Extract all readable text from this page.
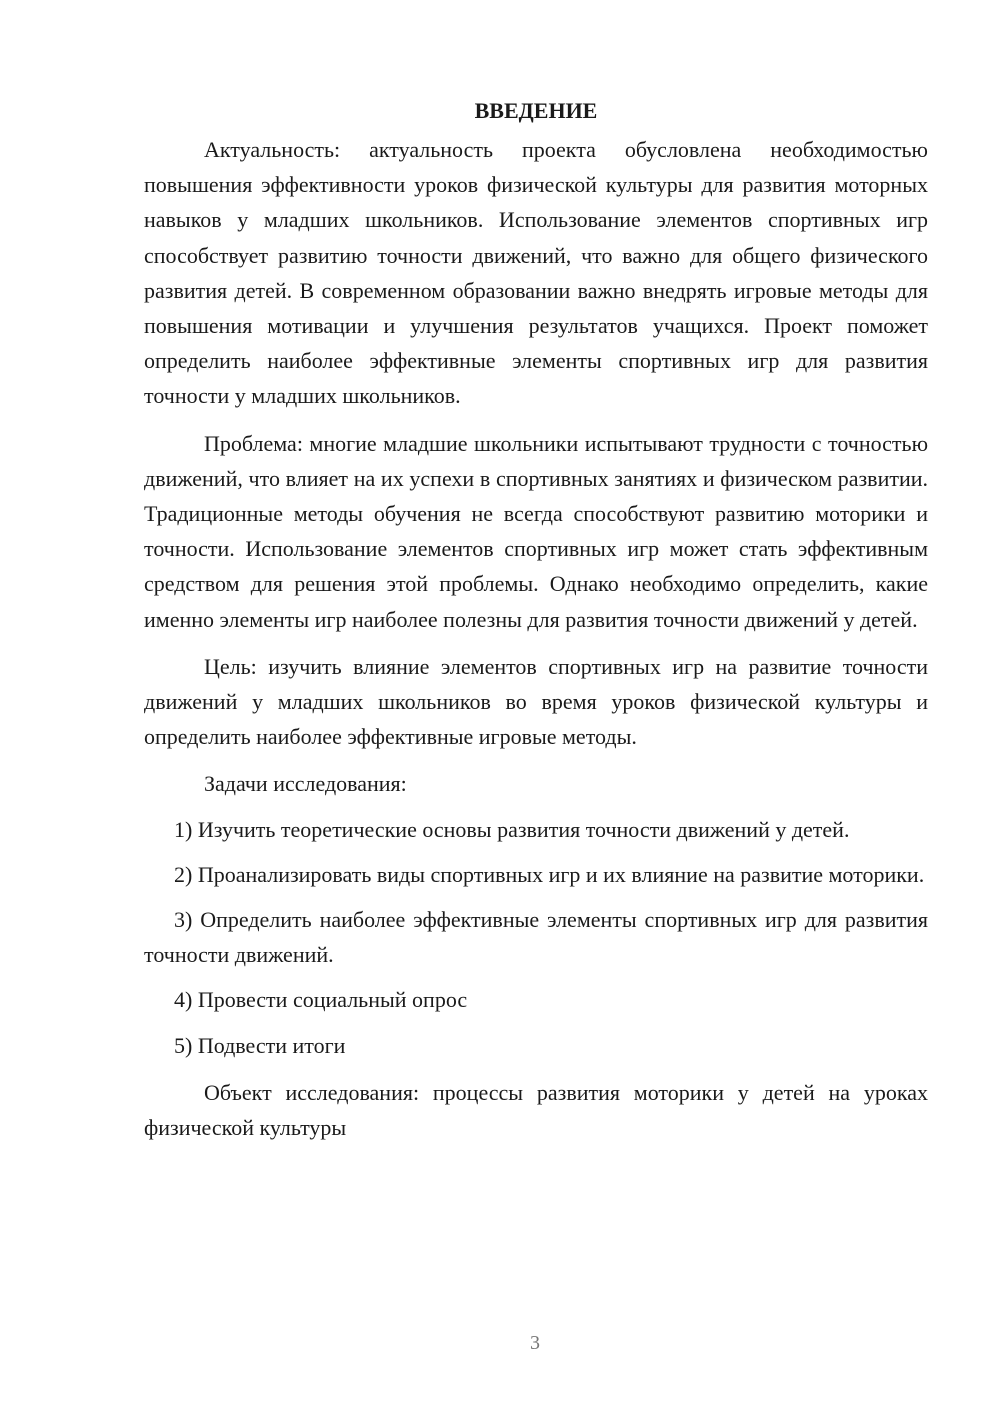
ВВЕДЕНИЕ

Актуальность: актуальность проекта обусловлена необходимостью повышения эффективности уроков физической культуры для развития моторных навыков у младших школьников. Использование элементов спортивных игр способствует развитию точности движений, что важно для общего физического развития детей. В современном образовании важно внедрять игровые методы для повышения мотивации и улучшения результатов учащихся. Проект поможет определить наиболее эффективные элементы спортивных игр для развития точности у младших школьников.

Проблема: многие младшие школьники испытывают трудности с точностью движений, что влияет на их успехи в спортивных занятиях и физическом развитии. Традиционные методы обучения не всегда способствуют развитию моторики и точности. Использование элементов спортивных игр может стать эффективным средством для решения этой проблемы. Однако необходимо определить, какие именно элементы игр наиболее полезны для развития точности движений у детей.

Цель: изучить влияние элементов спортивных игр на развитие точности движений у младших школьников во время уроков физической культуры и определить наиболее эффективные игровые методы.

Задачи исследования:

1) Изучить теоретические основы развития точности движений у детей.

2) Проанализировать виды спортивных игр и их влияние на развитие моторики.

3) Определить наиболее эффективные элементы спортивных игр для развития точности движений.

4) Провести социальный опрос

5) Подвести итоги

Объект исследования: процессы развития моторики у детей на уроках физической культуры

3
